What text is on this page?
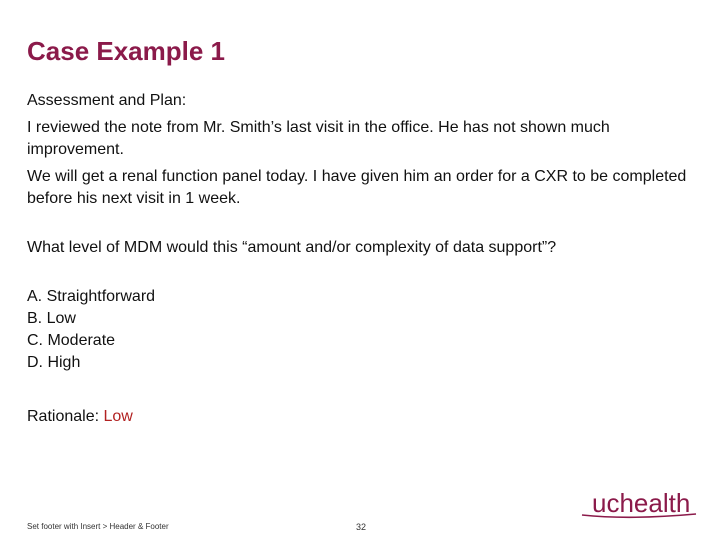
Case Example 1
Assessment and Plan:
I reviewed the note from Mr. Smith’s last visit in the office. He has not shown much improvement.
We will get a renal function panel today. I have given him an order for a CXR to be completed before his next visit in 1 week.
What level of MDM would this “amount and/or complexity of data support”?
A. Straightforward
B. Low
C. Moderate
D. High
Rationale: Low
Set footer with Insert > Header & Footer	32
uchealth
